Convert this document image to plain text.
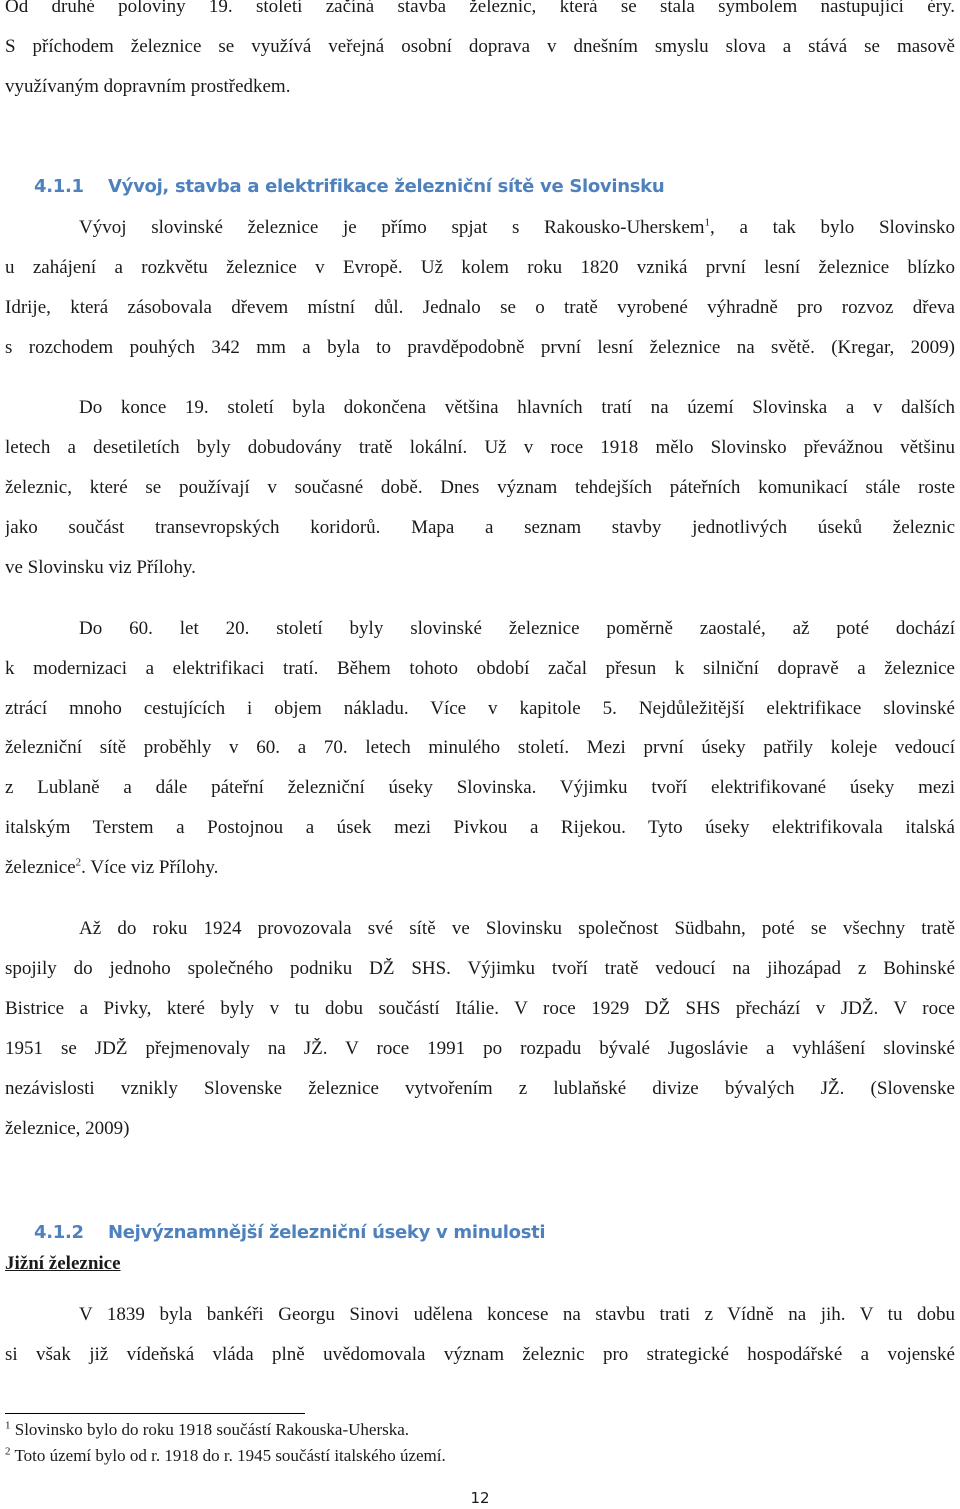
Od druhé poloviny 19. století začíná stavba železnic, která se stala symbolem nastupující éry.
S příchodem železnice se využívá veřejná osobní doprava v dnešním smyslu slova a stává se masově
využívaným dopravním prostředkem.
4.1.1 Vývoj, stavba a elektrifikace železniční sítě ve Slovinsku
Vývoj slovinské železnice je přímo spjat s Rakousko-Uherskem$^1$, a tak bylo Slovinsko
u zahájení a rozkvětu železnice v Evropě. Už kolem roku 1820 vzniká první lesní železnice blízko
Idrije, která zásobovala dřevem místní důl. Jednalo se o tratě vyrobené výhradně pro rozvoz dřeva
s rozchodem pouhých 342 mm a byla to pravděpodobně první lesní železnice na světě. (Kregar, 2009)
Do konce 19. století byla dokončena většina hlavních tratí na území Slovinska a v dalších
letech a desetiletích byly dobudovány tratě lokální. Už v roce 1918 mělo Slovinsko převážnou většinu
železnic, které se používají v současné době. Dnes význam tehdejších páteřních komunikací stále roste
jako součást transevropských koridorů. Mapa a seznam stavby jednotlivých úseků železnic
ve Slovinsku viz Přílohy.
Do 60. let 20. století byly slovinské železnice poměrně zaostalé, až poté dochází
k modernizaci a elektrifikaci tratí. Během tohoto období začal přesun k silniční dopravě a železnice
ztrácí mnoho cestujících i objem nákladu. Více v kapitole 5. Nejdůležitější elektrifikace slovinské
železniční sítě proběhly v 60. a 70. letech minulého století. Mezi první úseky patřily koleje vedoucí
z Lublaně a dále páteřní železniční úseky Slovinska. Výjimku tvoří elektrifikované úseky mezi
italským Terstem a Postojnou a úsek mezi Pivkou a Rijekou. Tyto úseky elektrifikovala italská
železnice$^2$. Více viz Přílohy.
Až do roku 1924 provozovala své sítě ve Slovinsku společnost Südbahn, poté se všechny tratě
spojily do jednoho společného podniku DŽ SHS. Výjimku tvoří tratě vedoucí na jihozápad z Bohinské
Bistrice a Pivky, které byly v tu dobu součástí Itálie. V roce 1929 DŽ SHS přechází v JDŽ. V roce
1951 se JDŽ přejmenovaly na JŽ. V roce 1991 po rozpadu bývalé Jugoslávie a vyhlášení slovinské
nezávislosti vznikly Slovenske železnice vytvořením z lublaňské divize bývalých JŽ. (Slovenske
železnice, 2009)
4.1.2 Nejvýznamnější železniční úseky v minulosti
Jižní železnice
V 1839 byla bankéři Georgu Sinovi udělena koncese na stavbu trati z Vídně na jih. V tu dobu
si však již vídeňská vláda plně uvědomovala význam železnic pro strategické hospodářské a vojenské
$^1$ Slovinsko bylo do roku 1918 součástí Rakouska-Uherska.
$^2$ Toto území bylo od r. 1918 do r. 1945 součástí italského území.
12
